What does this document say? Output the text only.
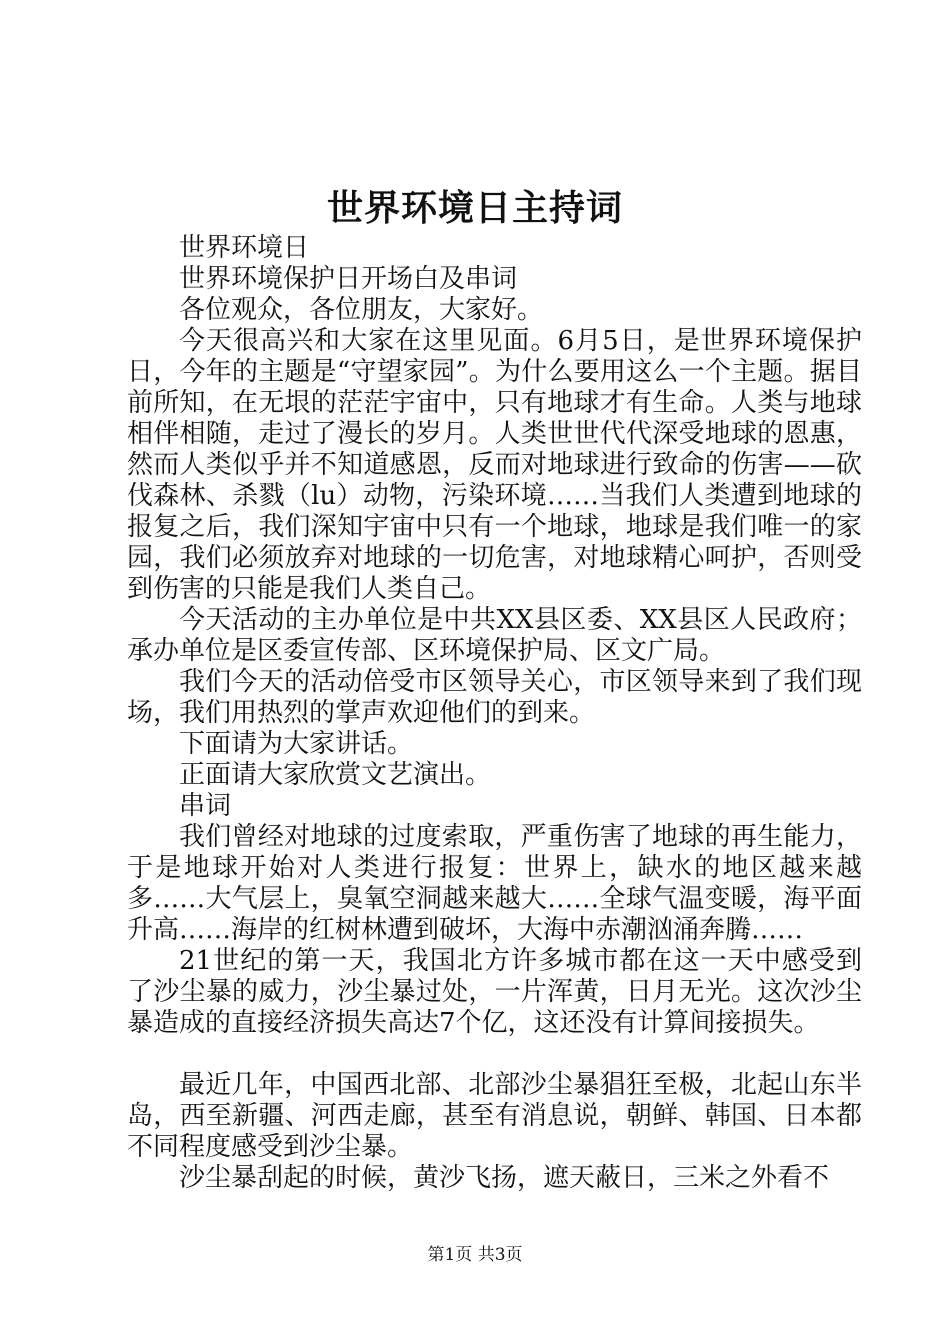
世界环境日主持词

世界环境日

世界环境保护日开场白及串词

各位观众，各位朋友，大家好。

今天很高兴和大家在这里见面。6月5日，是世界环境保护日，今年的主题是“守望家园”。为什么要用这么一个主题。据目前所知，在无垠的茫茫宇宙中，只有地球才有生命。人类与地球相伴相随，走过了漫长的岁月。人类世世代代深受地球的恩惠，然而人类似乎并不知道感恩，反而对地球进行致命的伤害——砍伐森林、杀戮（lu）动物，污染环境……当我们人类遭到地球的报复之后，我们深知宇宙中只有一个地球，地球是我们唯一的家园，我们必须放弃对地球的一切危害，对地球精心呵护，否则受到伤害的只能是我们人类自己。

今天活动的主办单位是中共XX县区委、XX县区人民政府；承办单位是区委宣传部、区环境保护局、区文广局。

我们今天的活动倍受市区领导关心，市区领导来到了我们现场，我们用热烈的掌声欢迎他们的到来。

下面请为大家讲话。

正面请大家欣赏文艺演出。

串词

我们曾经对地球的过度索取，严重伤害了地球的再生能力，于是地球开始对人类进行报复：世界上，缺水的地区越来越多……大气层上，臭氧空洞越来越大……全球气温变暖，海平面升高……海岸的红树林遭到破坏，大海中赤潮汹涌奔腾……

21世纪的第一天，我国北方许多城市都在这一天中感受到了沙尘暴的威力，沙尘暴过处，一片浑黄，日月无光。这次沙尘暴造成的直接经济损失高达7个亿，这还没有计算间接损失。

最近几年，中国西北部、北部沙尘暴猖狂至极，北起山东半岛，西至新疆、河西走廊，甚至有消息说，朝鲜、韩国、日本都不同程度感受到沙尘暴。

沙尘暴刮起的时候，黄沙飞扬，遮天蔽日，三米之外看不

第1页 共3页
